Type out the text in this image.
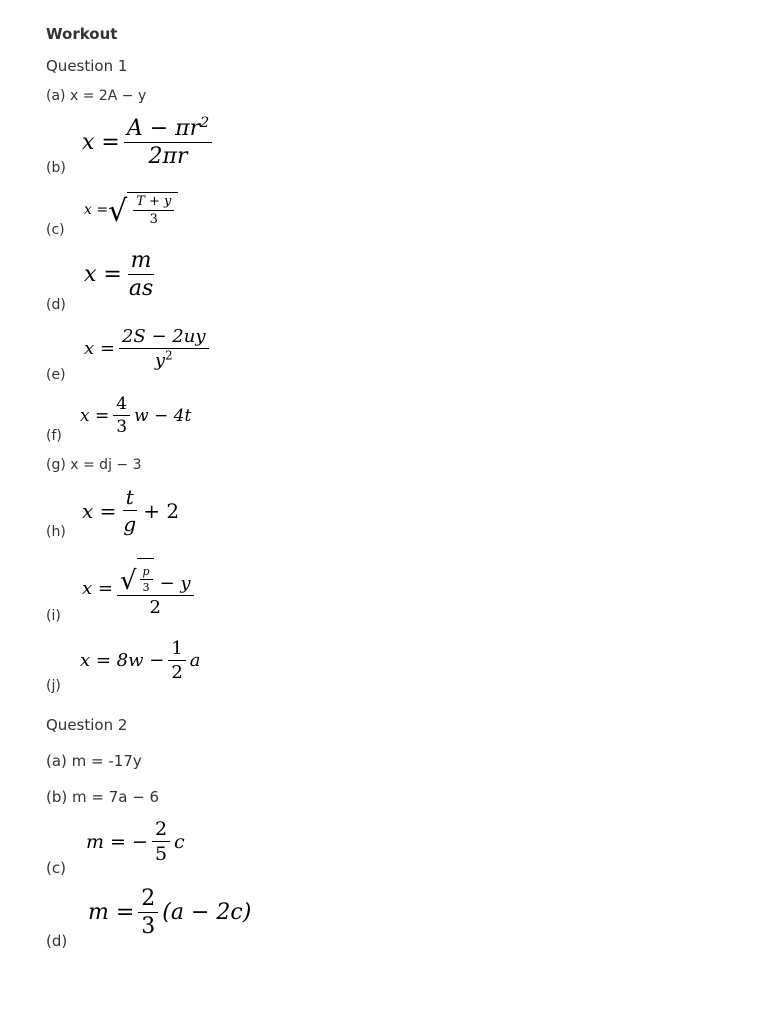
Workout
Question 1
(a) x = 2A − y
$x = \frac{A - \pi r^2}{2\pi r}$
(b)
x = √ $\frac{T + y}{3}$
(c)
$x = \frac{m}{as}$
(d)
$x = \frac{2S - 2uy}{y^2}$
(e)
$x = \frac{4}{3}$ w − 4t
(f)
(g) x = dj − 3
$x = \frac{t}{g} + 2$
(h)
x = √ $\frac{p}{3} - y$
2
(i)
$x = 8w - \frac{1}{2}$ a
(j)
Question 2
(a) m = -17y
(b) m = 7a − 6
m = − $\frac{2}{5}$ c
(c)
$m = \frac{2}{3} (a - 2c)$
(d)
